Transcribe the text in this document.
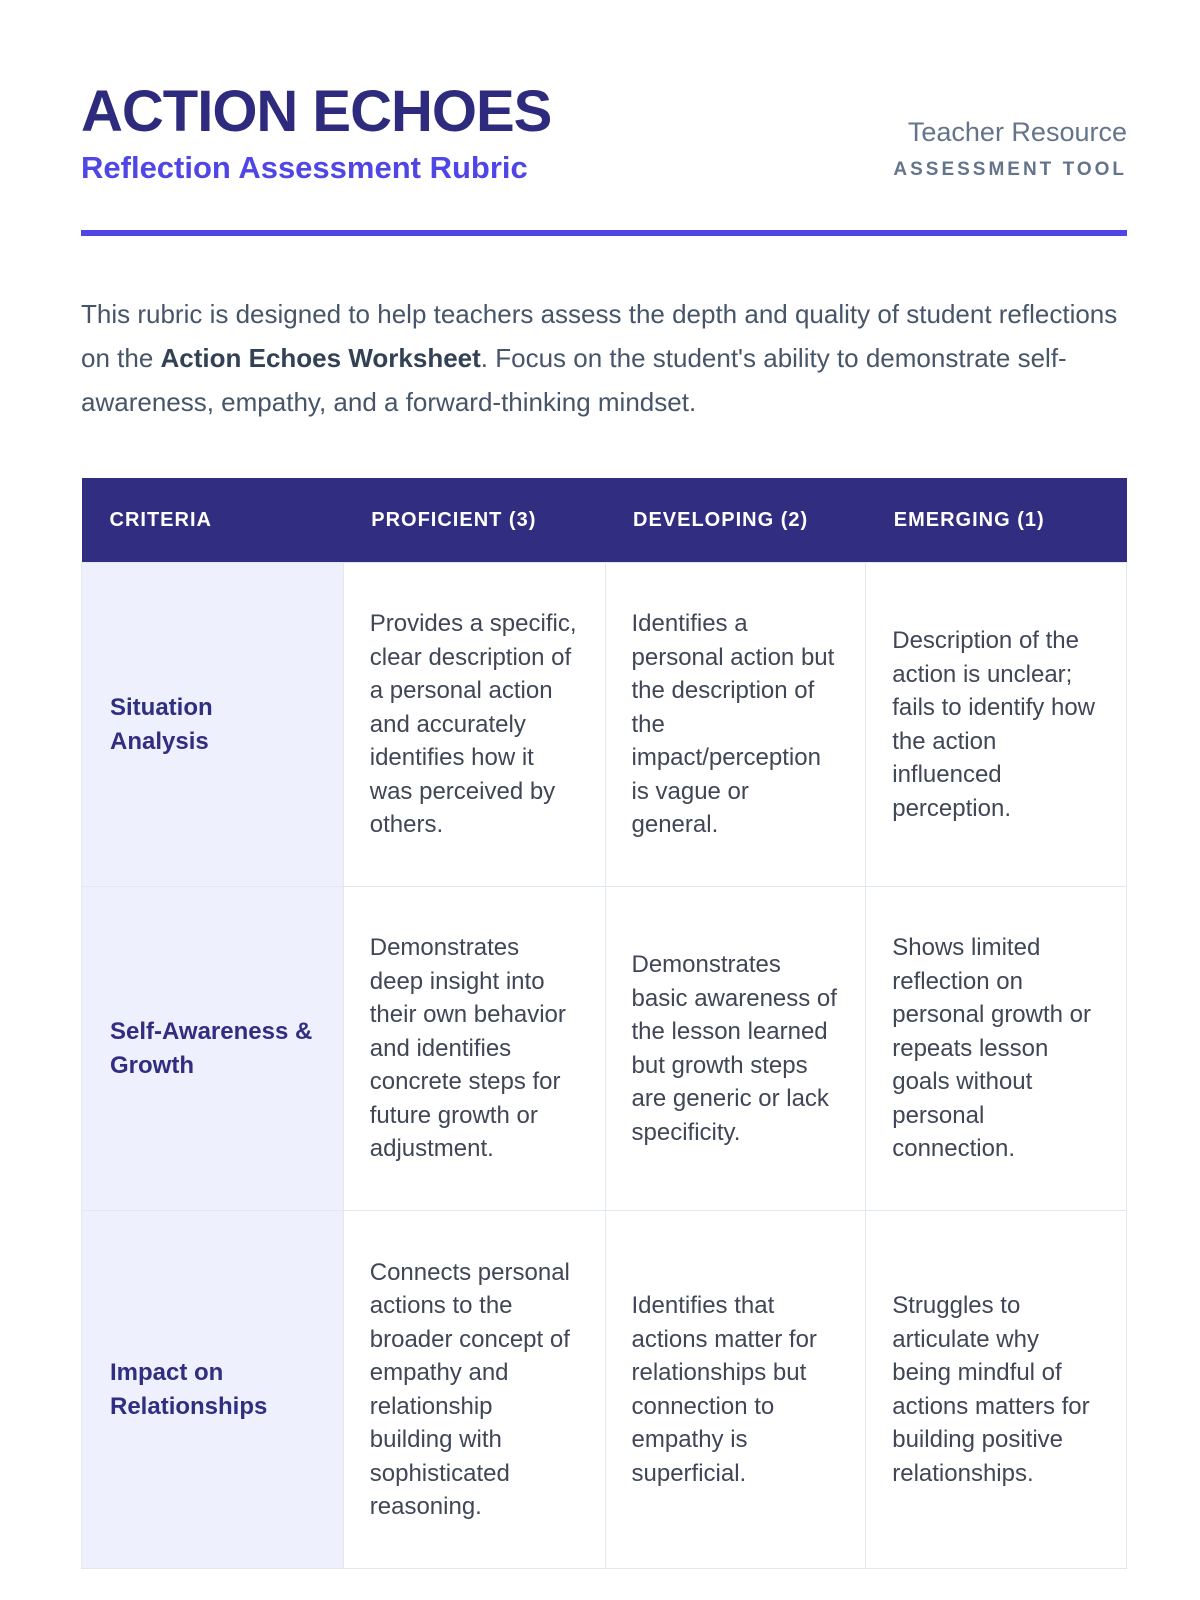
ACTION ECHOES
Reflection Assessment Rubric
Teacher Resource
ASSESSMENT TOOL

This rubric is designed to help teachers assess the depth and quality of student reflections on the Action Echoes Worksheet. Focus on the student's ability to demonstrate self-awareness, empathy, and a forward-thinking mindset.

CRITERIA	PROFICIENT (3)	DEVELOPING (2)	EMERGING (1)
Situation Analysis	Provides a specific, clear description of a personal action and accurately identifies how it was perceived by others.	Identifies a personal action but the description of the impact/perception is vague or general.	Description of the action is unclear; fails to identify how the action influenced perception.
Self-Awareness & Growth	Demonstrates deep insight into their own behavior and identifies concrete steps for future growth or adjustment.	Demonstrates basic awareness of the lesson learned but growth steps are generic or lack specificity.	Shows limited reflection on personal growth or repeats lesson goals without personal connection.
Impact on Relationships	Connects personal actions to the broader concept of empathy and relationship building with sophisticated reasoning.	Identifies that actions matter for relationships but connection to empathy is superficial.	Struggles to articulate why being mindful of actions matters for building positive relationships.
